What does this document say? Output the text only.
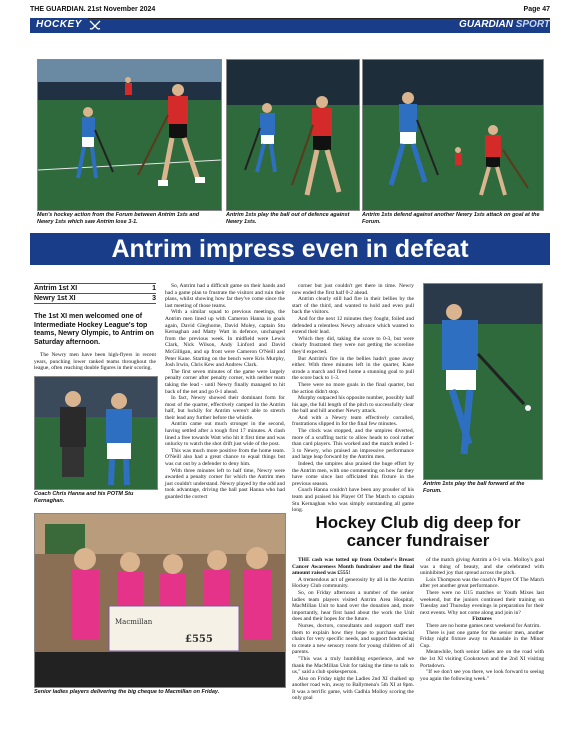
THE GUARDIAN. 21st November 2024	Page 47
HOCKEY	GUARDIAN SPORT
Men's hockey action from the Forum between Antrim 1sts and Newry 1sts which saw Antrim lose 3-1.
Antrim 1sts play the ball out of defence against Newry 1sts.
Antrim 1sts defend against another Newry 1sts attack on goal at the Forum.
Antrim impress even in defeat
Antrim 1st XI	1
Newry 1st XI	3
The 1st XI men welcomed one of Intermediate Hockey League's top teams, Newry Olympic, to Antrim on Saturday afternoon.

The Newry men have been high-flyers in recent years, punching lower ranked teams throughout the league, often reaching double figures in their scoring.

Coach Chris Hanna and his POTM Stu Kernaghan.

So, Antrim had a difficult game on their hands and had a game plan to frustrate the visitors and ruin their plans, whilst showing how far they've come since the last meeting of those teams.

With a similar squad to previous meetings, the Antrim men lined up with Cameron Hanna in goals again, David Gleghorne, David Moley, captain Stu Kernaghan and Matty Watt in defence, unchanged from the previous week. In midfield were Lewis Clark, Nick Wilson, Andy Linford and David McGilligan, and up front were Cameron O'Neill and Peter Kane. Starting on the bench were Kris Murphy, Josh Irwin, Chris Kew and Andrew Clark.

The first seven minutes of the game were largely penalty corner after penalty corner, with neither team taking the lead - until Newry finally managed to hit back of the net and go 0-1 ahead.

In fact, Newry showed their dominant form for most of the quarter, effectively camped in the Antrim half, but luckily for Antrim weren't able to stretch their lead any further before the whistle.

Antrim came out much stronger in the second, having settled after a tough first 17 minutes. A clash lined a free towards Watt who hit it first time and was unlucky to watch the shot drift just wide of the post.

This was much more positive from the home team. O'Neill also had a great chance to equal things but was cut out by a defender to deny him.

With three minutes left to half time, Newry were awarded a penalty corner for which the Antrim men just couldn't understand. Newry played by the odd and took advantage, driving the ball past Hanna who had guarded the correct

corner but just couldn't get there in time. Newry now ended the first half 0-2 ahead.

Antrim clearly still had fire in their bellies by the start of the third, and wanted to hold and even pull back the visitors.

And for the next 12 minutes they fought, foiled and defended a relentless Newry advance which wanted to extend their lead.

Which they did, taking the score to 0-3, but were clearly frustrated they were not getting the scoreline they'd expected.

But Antrim's fire in the bellies hadn't gone away either. With three minutes left in the quarter, Kane strode a march and fired home a stunning goal to pull the score back to 1-3.

There were no more goals in the final quarter, but the action didn't stop.

Murphy outpaced his opposite number, possibly half his age, the full length of the pitch to successfully clear the ball and hill another Newry attack.

And with a Newry team effectively corralled, frustrations slipped in for the final few minutes.

The clock was stopped, and the umpires diverted, more of a scuffing tactic to allow heads to cool rather than card players. This worked and the match ended 1-3 to Newry, who praised an impressive performance and large leap forward by the Antrim men.

Indeed, the umpires also praised the huge effort by the Antrim men, with one commenting on how far they have come since last officiated this fixture in the previous season.

Coach Hanna couldn't have been any prouder of his team and praised his Player Of The Match to captain Stu Kernaghan who was simply outstanding all game long.

Antrim 1sts play the ball forward at the Forum.
Macmillan
£555
Senior ladies players delivering the big cheque to Macmillan on Friday.
Hockey Club dig deep for cancer fundraiser

THE cash was totted up from October's Breast Cancer Awareness Month fundraiser and the final amount raised was £555!

A tremendous act of generosity by all in the Antrim Hockey Club community.

So, on Friday afternoon a number of the senior ladies team players visited Antrim Area Hospital, MacMillan Unit to hand over the donation and, more importantly, hear first hand about the work the Unit does and their hopes for the future.

Nurses, doctors, consultants and support staff met them to explain how they hope to purchase special chairs for very specific needs, and support fundraising to create a new sensory room for young children of all parents.

"This was a truly humbling experience, and we thank the MacMillan Unit for taking the time to talk to us," said a club spokesperson.

Also on Friday night the Ladies 2nd XI chalked up another road win, away to Ballymena's 5th XI at 8pm. It was a terrific game, with Cadhla Molloy scoring the only goal

of the match giving Antrim a 0-1 win. Molloy's goal was a thing of beauty, and she celebrated with uninhibited joy that spread across the pitch.

Lois Thompson was the coach's Player Of The Match after yet another great performance.

There were no U15 matches or Youth Mixes last weekend, but the juniors continued their training on Tuesday and Thursday evenings in preparation for their next events. Why not come along and join in?

Fixtures

There are no home games next weekend for Antrim.

There is just one game for the senior men, another Friday night fixture away to Annadale in the Minor Cup.

Meanwhile, both senior ladies are on the road with the 1st XI visiting Cookstown and the 2nd XI visiting Portadown.

"If we don't see you there, we look forward to seeing you again the following week."
